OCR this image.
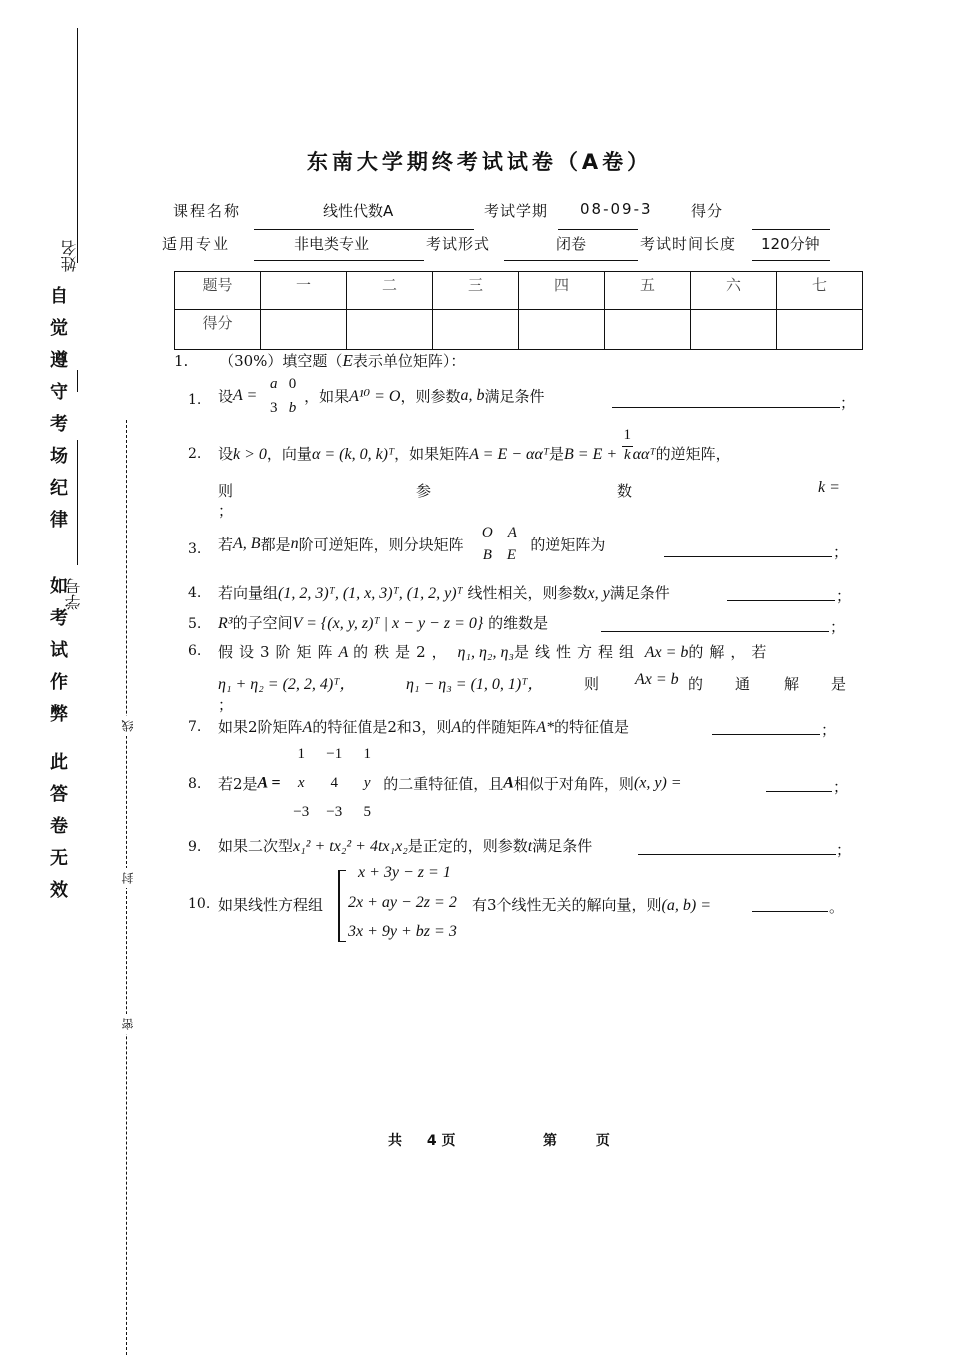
姓名
学号
自觉遵守考场纪律
如考试作弊
此答卷无效
线
封
密
东南大学期终考试试卷（A卷）
课程名称	线性代数A	考试学期 08-09-3	得分
适用专业	非电类专业	考试形式	闭卷	考试时间长度 120分钟
题号	一	二	三	四	五	六	七
得分							
1. （30%）填空题（E表示单位矩阵）：
1. 设A = a 0
3 b，如果A¹⁰ = O，则参数a, b满足条件	；
2. 设k > 0，向量α = (k, 0, k)ᵀ，如果矩阵A = E − ααᵀ是$B = E + \frac{1}{k}\alpha\alpha ᵀ$的逆矩阵，
则	参	数	k =
；
3. 若A, B都是n阶可逆矩阵，则分块矩阵 O A
B E的逆矩阵为	；
4. 若向量组(1, 2, 3)ᵀ, (1, x, 3)ᵀ, (1, 2, y)ᵀ 线性相关，则参数x, y满足条件	；
5. R³的子空间V = {(x, y, z)ᵀ | x − y − z = 0} 的维数是	；
6. 假设3阶矩阵A 的秩是2， η₁, η₂, η₃是线性方程组 Ax = b的解，若
η₁ + η₂ = (2, 2, 4)ᵀ，	η₁ − η₃ = (1, 0, 1)ᵀ，	则 Ax = b 的 通 解 是
；
7. 如果2阶矩阵A的特征值是2和3，则A的伴随矩阵A*的特征值是	；
8. 若2是A = 1 −1 1
x 4 y
−3 −3 5的二重特征值，且A相似于对角阵，则(x, y) =	；
9. 如果二次型x₁² + tx₂² + 4tx₁x₂是正定的，则参数t满足条件	；
10. 如果线性方程组
x + 3y − z = 1
2x + ay − 2z = 2
3x + 9y + bz = 3
有3个线性无关的解向量，则(a, b) =	。
共 4 页	第	页
